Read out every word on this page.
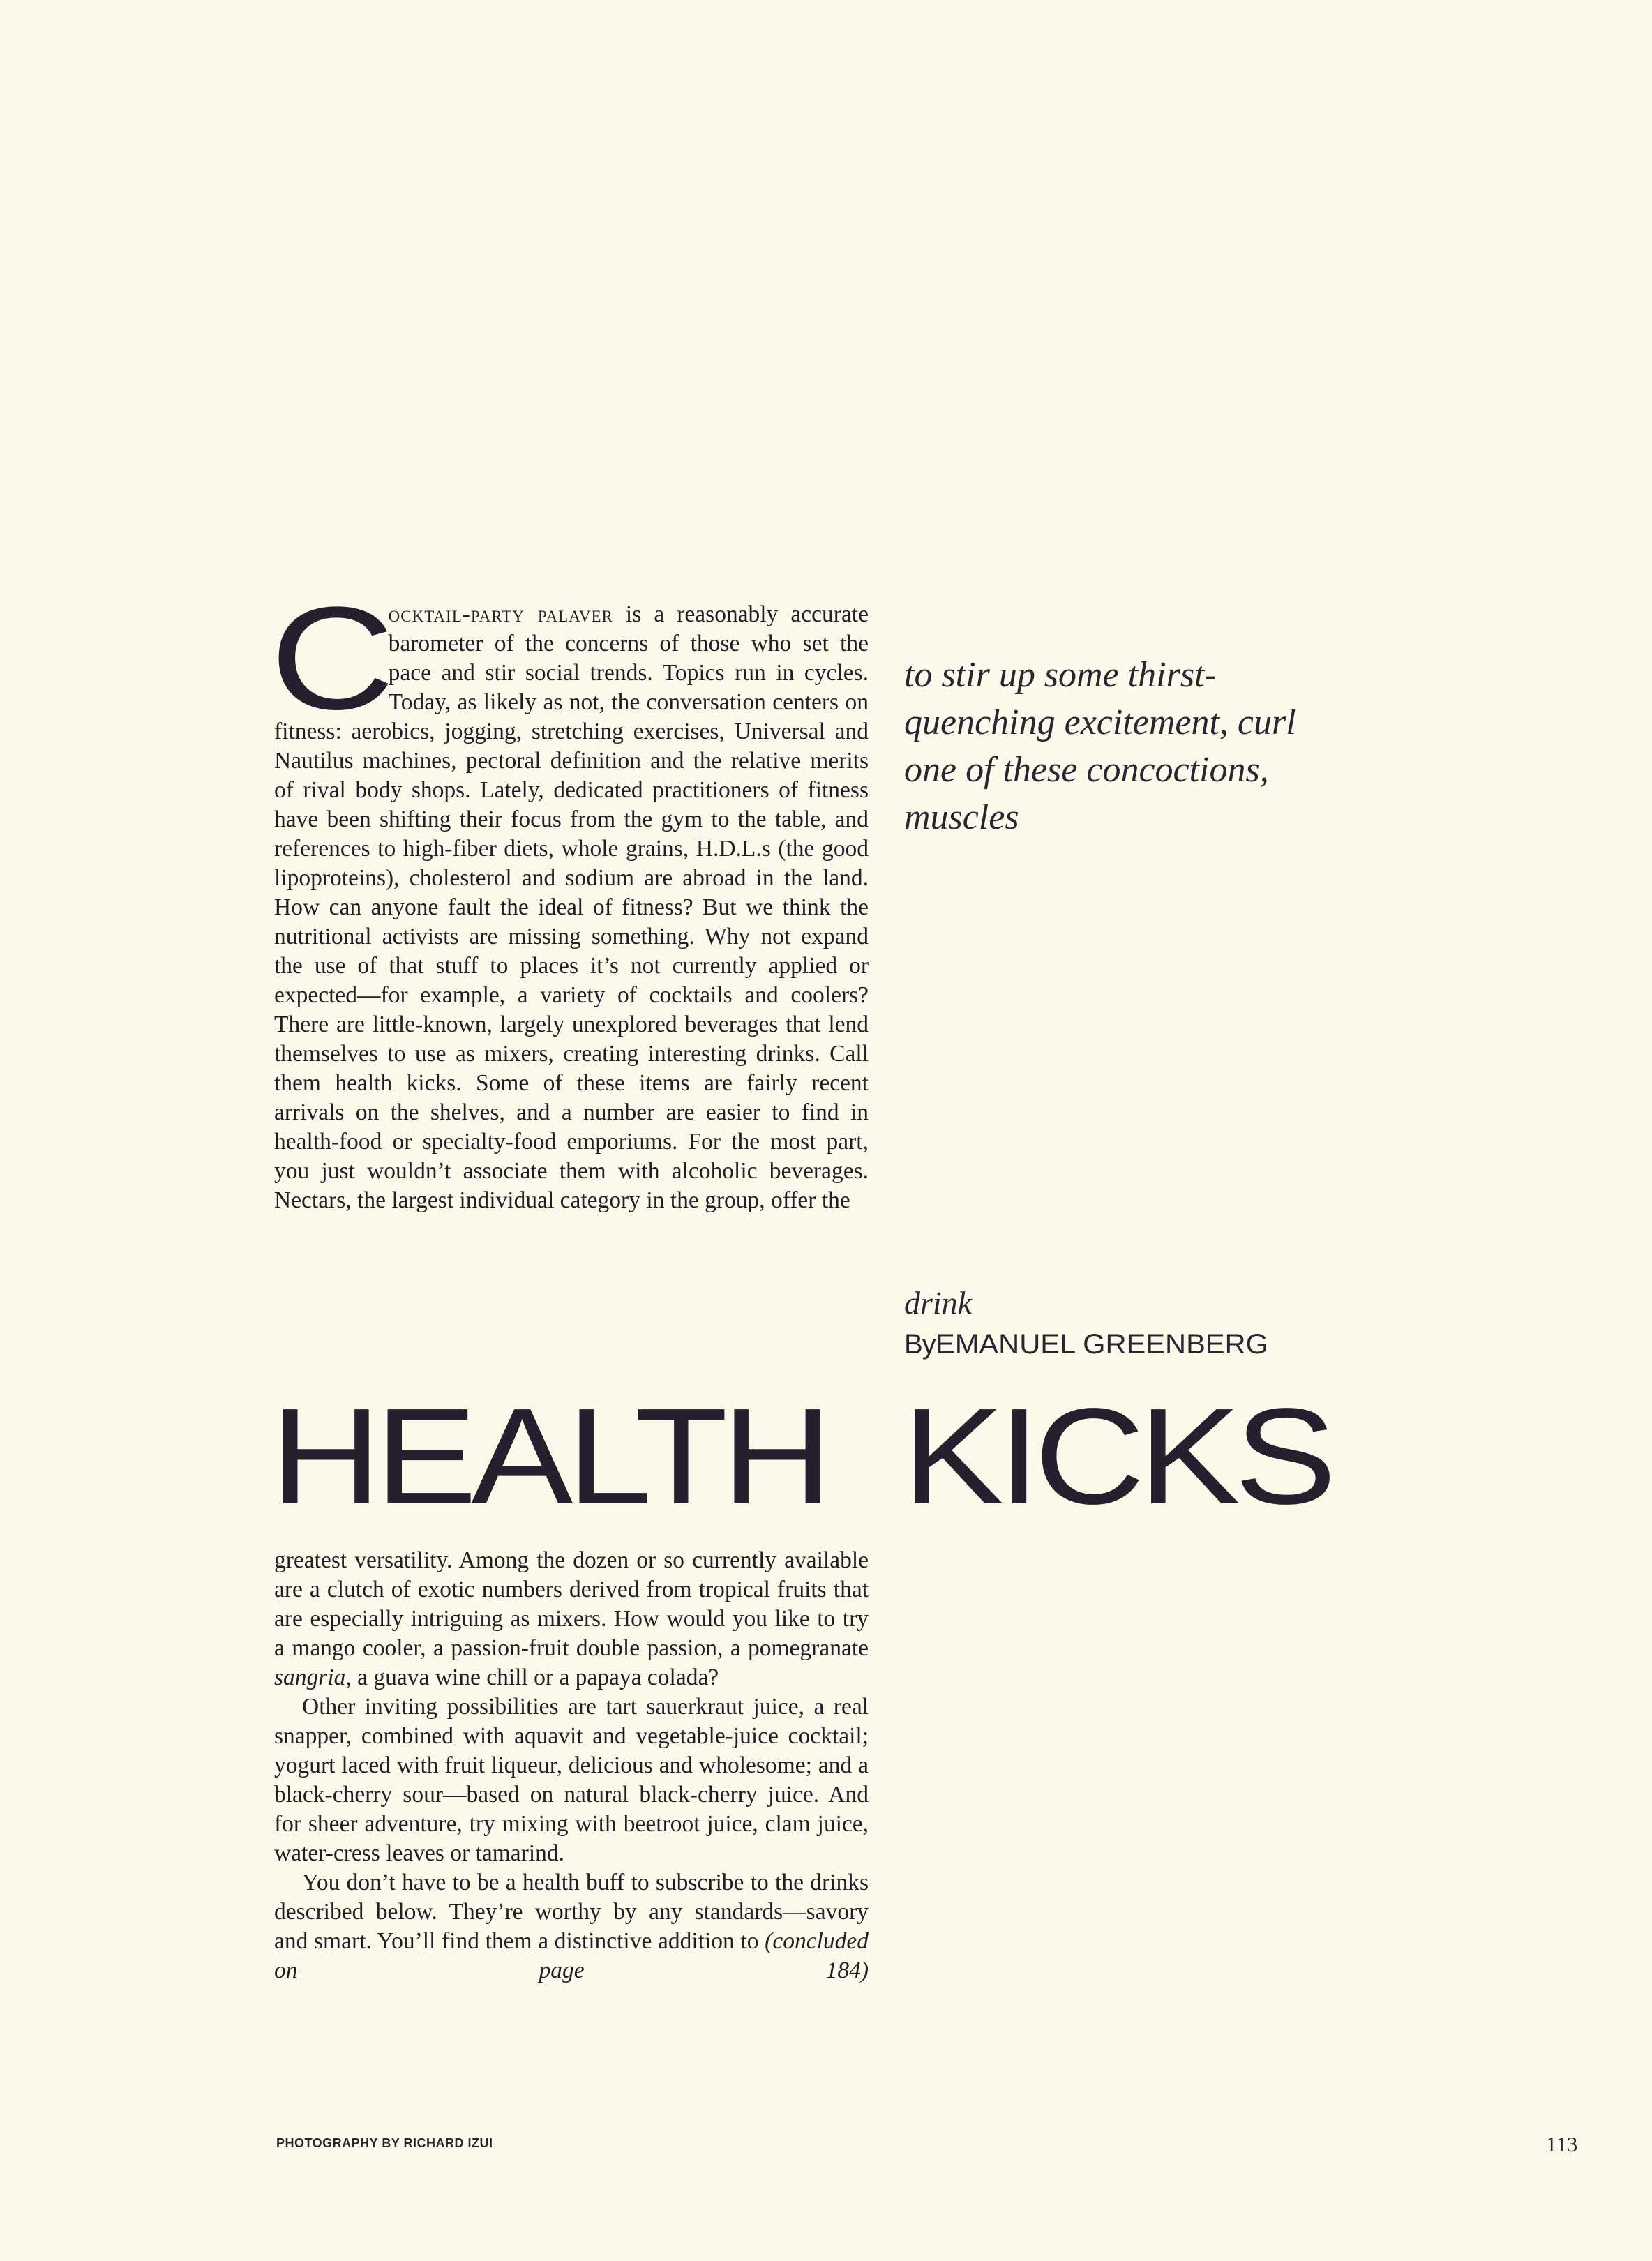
C
ocktail-party palaver is a reasonably accurate barometer of the concerns of those who set the pace and stir social trends. Topics run in cycles. Today, as likely as not, the conversation centers on fitness: aerobics, jogging, stretching exercises, Universal and Nautilus machines, pectoral definition and the relative merits of rival body shops. Lately, dedicated practitioners of fitness have been shifting their focus from the gym to the table, and references to high-fiber diets, whole grains, H.D.L.s (the good lipoproteins), cholesterol and sodium are abroad in the land. How can anyone fault the ideal of fitness? But we think the nutritional activists are missing something. Why not expand the use of that stuff to places it’s not currently applied or expected—for example, a variety of cocktails and coolers? There are little-known, largely unexplored beverages that lend themselves to use as mixers, creating interesting drinks. Call them health kicks. Some of these items are fairly recent arrivals on the shelves, and a number are easier to find in health-food or specialty-food emporiums. For the most part, you just wouldn’t associate them with alcoholic beverages. Nectars, the largest individual category in the group, offer the
to stir up some thirst-quenching excitement, curl one of these concoctions, muscles
drink
ByEMANUEL GREENBERG
HEALTH KICKS

greatest versatility. Among the dozen or so currently available are a clutch of exotic numbers derived from tropical fruits that are especially intriguing as mixers. How would you like to try a mango cooler, a passion-fruit double passion, a pomegranate sangria, a guava wine chill or a papaya colada?

Other inviting possibilities are tart sauerkraut juice, a real snapper, combined with aquavit and vegetable-juice cocktail; yogurt laced with fruit liqueur, delicious and wholesome; and a black-cherry sour—based on natural black-cherry juice. And for sheer adventure, try mixing with beetroot juice, clam juice, water-cress leaves or tamarind.

You don’t have to be a health buff to subscribe to the drinks described below. They’re worthy by any standards—savory and smart. You’ll find them a distinctive addition to (concluded on page 184)

PHOTOGRAPHY BY RICHARD IZUI	113
